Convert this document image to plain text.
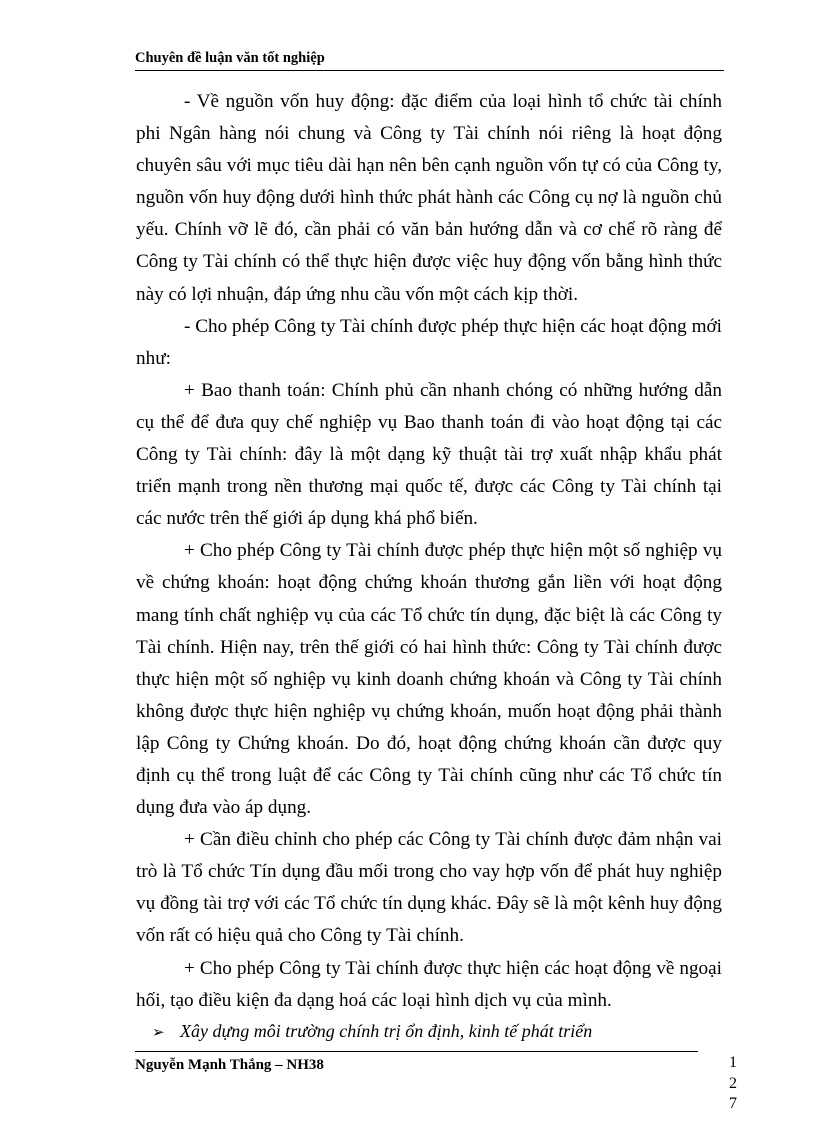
Chuyên đề luận văn tốt nghiệp

- Về nguồn vốn huy động: đặc điểm của loại hình tổ chức tài chính phi Ngân hàng nói chung và Công ty Tài chính nói riêng là hoạt động chuyên sâu với mục tiêu dài hạn nên bên cạnh nguồn vốn tự có của Công ty, nguồn vốn huy động dưới hình thức phát hành các Công cụ nợ là nguồn chủ yếu. Chính vỡ lẽ đó, cần phải có văn bản hướng dẫn và cơ chế rõ ràng để Công ty Tài chính có thể thực hiện được việc huy động vốn bằng hình thức này có lợi nhuận, đáp ứng nhu cầu vốn một cách kịp thời.

- Cho phép Công ty Tài chính được phép thực hiện các hoạt động mới như:

+ Bao thanh toán: Chính phủ cần nhanh chóng có những hướng dẫn cụ thể để đưa quy chế nghiệp vụ Bao thanh toán đi vào hoạt động tại các Công ty Tài chính: đây là một dạng kỹ thuật tài trợ xuất nhập khẩu phát triển mạnh trong nền thương mại quốc tế, được các Công ty Tài chính tại các nước trên thế giới áp dụng khá phổ biến.

+ Cho phép Công ty Tài chính được phép thực hiện một số nghiệp vụ về chứng khoán: hoạt động chứng khoán thương gắn liền với hoạt động mang tính chất nghiệp vụ của các Tổ chức tín dụng, đặc biệt là các Công ty Tài chính. Hiện nay, trên thế giới có hai hình thức: Công ty Tài chính được thực hiện một số nghiệp vụ kinh doanh chứng khoán và Công ty Tài chính không được thực hiện nghiệp vụ chứng khoán, muốn hoạt động phải thành lập Công ty Chứng khoán. Do đó, hoạt động chứng khoán cần được quy định cụ thể trong luật để các Công ty Tài chính cũng như các Tổ chức tín dụng đưa vào áp dụng.

+ Cần điều chỉnh cho phép các Công ty Tài chính được đảm nhận vai trò là Tổ chức Tín dụng đầu mối trong cho vay hợp vốn để phát huy nghiệp vụ đồng tài trợ với các Tổ chức tín dụng khác. Đây sẽ là một kênh huy động vốn rất có hiệu quả cho Công ty Tài chính.

+ Cho phép Công ty Tài chính được thực hiện các hoạt động về ngoại hối, tạo điều kiện đa dạng hoá các loại hình dịch vụ của mình.

➢ Xây dựng môi trường chính trị ổn định, kinh tế phát triển
Nguyễn Mạnh Thắng – NH38	1
2
7
